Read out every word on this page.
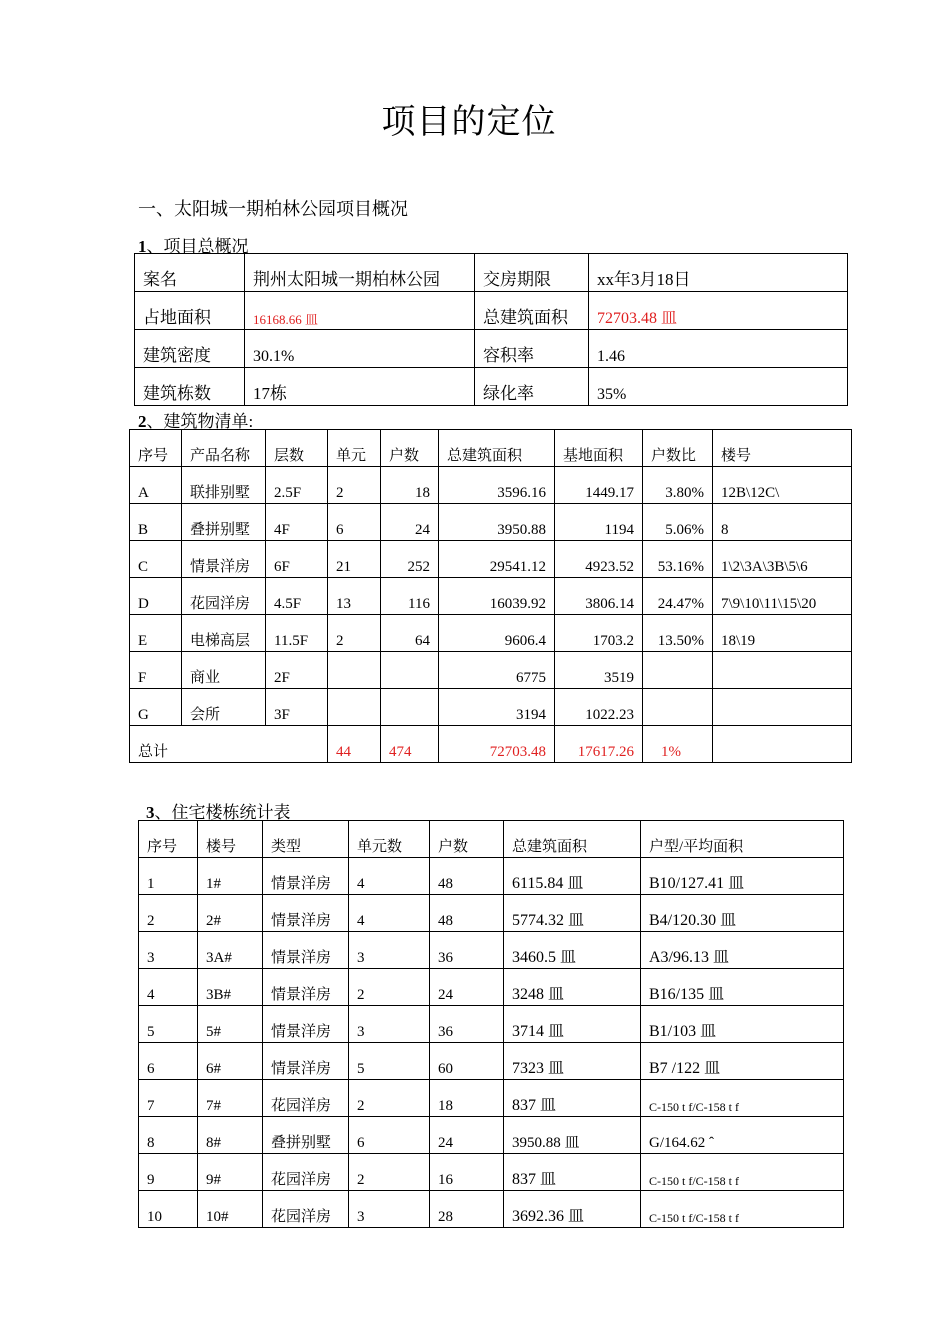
项目的定位
一、太阳城一期柏林公园项目概况
1、项目总概况
案名	荆州太阳城一期柏林公园	交房期限	xx年3月18日
占地面积	16168.66 皿	总建筑面积	72703.48 皿
建筑密度	30.1%	容积率	1.46
建筑栋数	17栋	绿化率	35%
2、建筑物清单:
序号	产品名称	层数	单元	户数	总建筑面积	基地面积	户数比	楼号
A	联排别墅	2.5F	2	18	3596.16	1449.17	3.80%	12B\12C\
B	叠拼别墅	4F	6	24	3950.88	1194	5.06%	8
C	情景洋房	6F	21	252	29541.12	4923.52	53.16%	1\2\3A\3B\5\6
D	花园洋房	4.5F	13	116	16039.92	3806.14	24.47%	7\9\10\11\15\20
E	电梯高层	11.5F	2	64	9606.4	1703.2	13.50%	18\19
F	商业	2F			6775	3519		
G	会所	3F			3194	1022.23		
总计			44	474	72703.48	17617.26	1%	
3、住宅楼栋统计表
序号	楼号	类型	单元数	户数	总建筑面积	户型/平均面积
1	1#	情景洋房	4	48	6115.84 皿	B10/127.41 皿
2	2#	情景洋房	4	48	5774.32 皿	B4/120.30 皿
3	3A#	情景洋房	3	36	3460.5 皿	A3/96.13 皿
4	3B#	情景洋房	2	24	3248 皿	B16/135 皿
5	5#	情景洋房	3	36	3714 皿	B1/103 皿
6	6#	情景洋房	5	60	7323 皿	B7 /122 皿
7	7#	花园洋房	2	18	837 皿	C-150 t f/C-158 t f
8	8#	叠拼别墅	6	24	3950.88 皿	G/164.62 ˆ
9	9#	花园洋房	2	16	837 皿	C-150 t f/C-158 t f
10	10#	花园洋房	3	28	3692.36 皿	C-150 t f/C-158 t f
